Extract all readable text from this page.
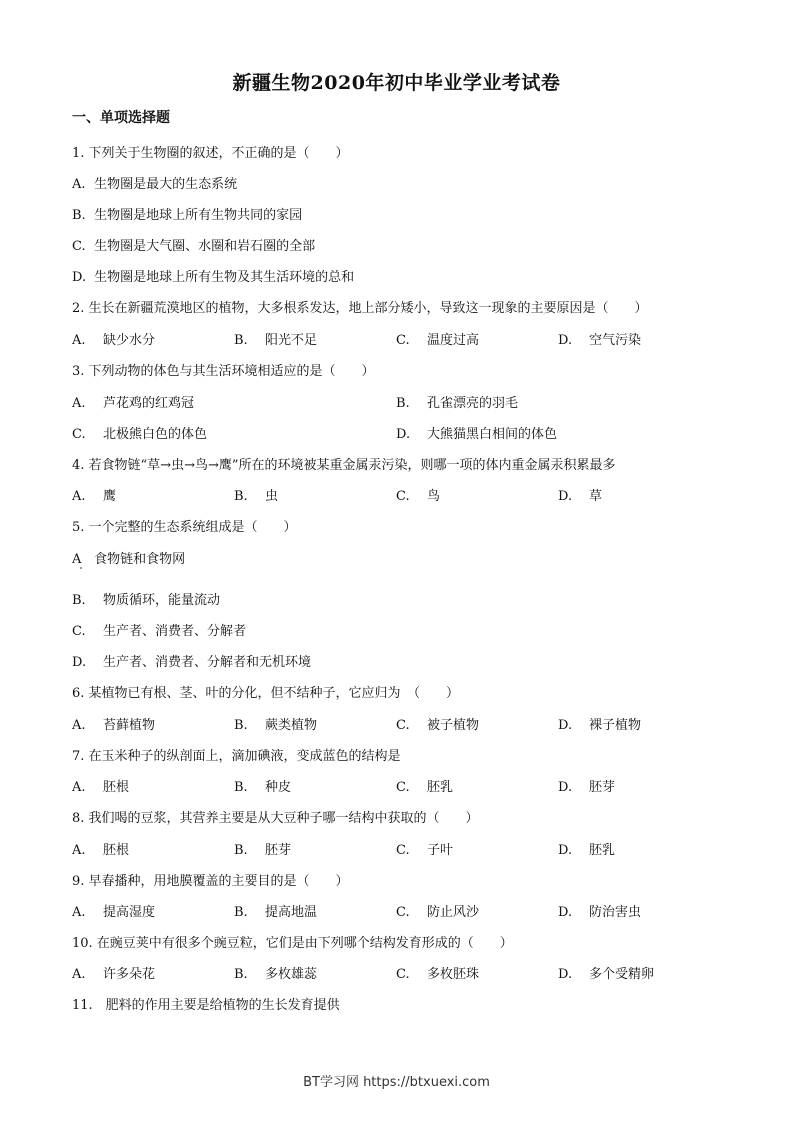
新疆生物2020年初中毕业学业考试卷
一、单项选择题
1. 下列关于生物圈的叙述，不正确的是（　　）
A. 生物圈是最大的生态系统
B. 生物圈是地球上所有生物共同的家园
C. 生物圈是大气圈、水圈和岩石圈的全部
D. 生物圈是地球上所有生物及其生活环境的总和
2. 生长在新疆荒漠地区的植物，大多根系发达，地上部分矮小，导致这一现象的主要原因是（　　）
A.　 缺少水分	B.　 阳光不足	C.　 温度过高	D.　 空气污染
3. 下列动物的体色与其生活环境相适应的是（　　）
A.　 芦花鸡的红鸡冠	B.　 孔雀漂亮的羽毛
C.　 北极熊白色的体色	D.　 大熊猫黑白相间的体色
4. 若食物链“草→虫→鸟→鹰”所在的环境被某重金属汞污染，则哪一项的体内重金属汞积累最多
A.　 鹰	B.　 虫	C.　 鸟	D.　 草
5. 一个完整的生态系统组成是（　　）
A 食物链和食物网
B.　 物质循环，能量流动
C.　 生产者、消费者、分解者
D.　 生产者、消费者、分解者和无机环境
6. 某植物已有根、茎、叶的分化，但不结种子，它应归为　（　　）
A.　 苔藓植物	B.　 蕨类植物	C.　 被子植物	D.　 裸子植物
7. 在玉米种子的纵剖面上，滴加碘液，变成蓝色的结构是
A.　 胚根	B.　 种皮	C.　 胚乳	D.　 胚芽
8. 我们喝的豆浆，其营养主要是从大豆种子哪一结构中获取的（　　）
A.　 胚根	B.　 胚芽	C.　 子叶	D.　 胚乳
9. 早春播种，用地膜覆盖的主要目的是（　　）
A.　 提高湿度	B.　 提高地温	C.　 防止风沙	D.　 防治害虫
10. 在豌豆荚中有很多个豌豆粒，它们是由下列哪个结构发育形成的（　　）
A.　 许多朵花	B.　 多枚雄蕊	C.　 多枚胚珠	D.　 多个受精卵
11.　肥料的作用主要是给植物的生长发育提供
BT学习网 https://btxuexi.com
